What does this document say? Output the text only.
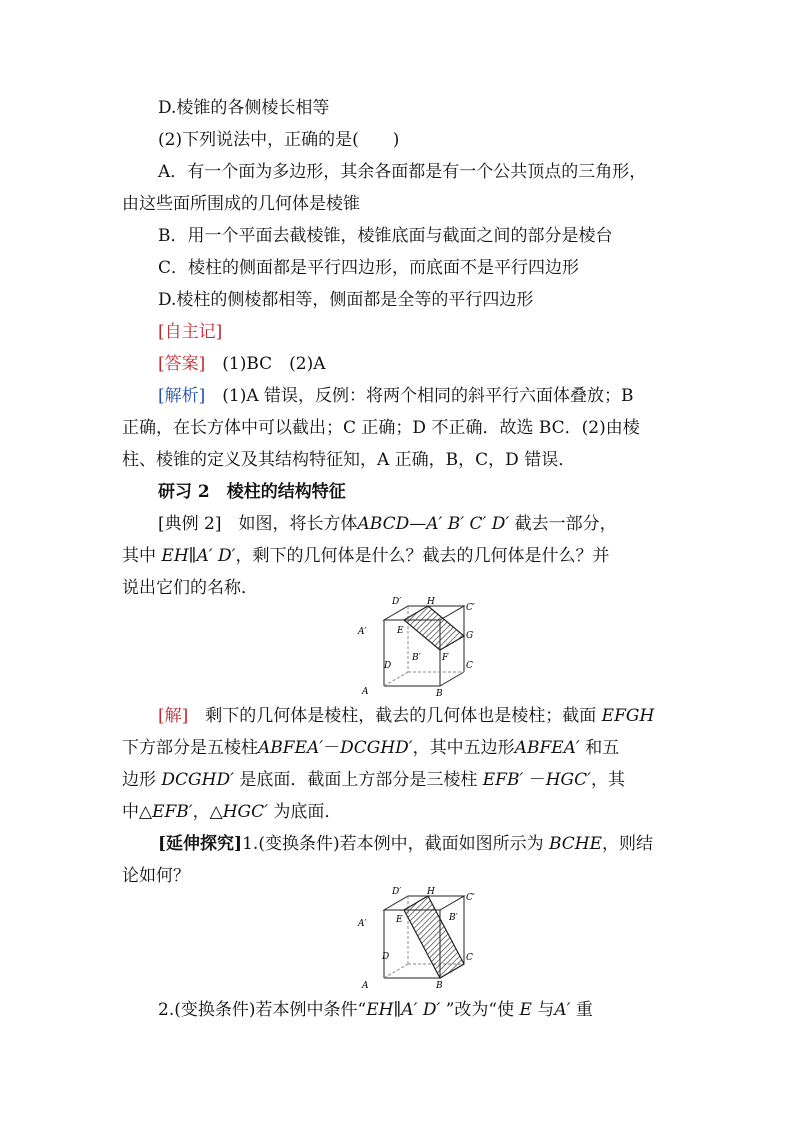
D.棱锥的各侧棱长相等
(2)下列说法中，正确的是(　　)
A．有一个面为多边形，其余各面都是有一个公共顶点的三角形，
由这些面所围成的几何体是棱锥
B．用一个平面去截棱锥，棱锥底面与截面之间的部分是棱台
C．棱柱的侧面都是平行四边形，而底面不是平行四边形
D.棱柱的侧棱都相等，侧面都是全等的平行四边形
[自主记]
[答案]　(1)BC　(2)A
[解析]　(1)A 错误，反例：将两个相同的斜平行六面体叠放；B
正确，在长方体中可以截出；C 正确；D 不正确．故选 BC．(2)由棱
柱、棱锥的定义及其结构特征知，A 正确，B，C，D 错误．
研习 2　棱柱的结构特征
[典例 2]　如图，将长方体ABCD—A′ B′ C′ D′ 截去一部分，
其中 EH∥A′ D′，剩下的几何体是什么？截去的几何体是什么？并
说出它们的名称．
D′	H
C′
A′	E	G
B′ F
D	C
A	B
[解]　剩下的几何体是棱柱，截去的几何体也是棱柱；截面 EFGH
下方部分是五棱柱ABFEA′－DCGHD′，其中五边形ABFEA′ 和五
边形 DCGHD′ 是底面．截面上方部分是三棱柱 EFB′ －HGC′，其
中△EFB′，△HGC′ 为底面．
[延伸探究]1.(变换条件)若本例中，截面如图所示为 BCHE，则结
论如何？
D′	H
C′
A′	E	B′
D	C
A	B
2.(变换条件)若本例中条件“EH∥A′ D′ ”改为“使 E 与A′ 重
